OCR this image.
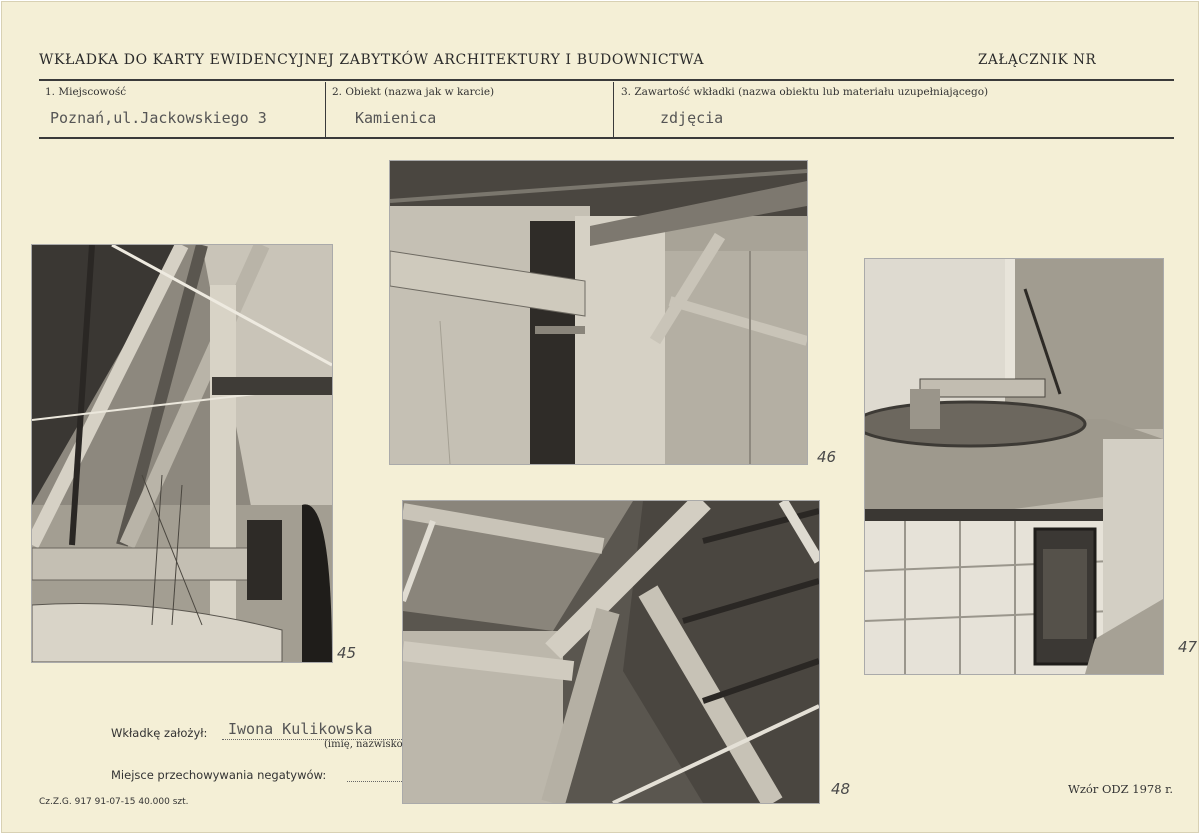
WKŁADKA DO KARTY EWIDENCYJNEJ ZABYTKÓW ARCHITEKTURY I BUDOWNICTWA	ZAŁĄCZNIK NR
1. Miejscowość
Poznań,ul.Jackowskiego 3
2. Obiekt (nazwa jak w karcie)
Kamienica
3. Zawartość wkładki (nazwa obiektu lub materiału uzupełniającego)
zdjęcia
45
46
47
48
Wkładkę założył: Iwona Kulikowska
(imię, nazwisko
Miejsce przechowywania negatywów:
Cz.Z.G. 917 91-07-15 40.000 szt.
Wzór ODZ 1978 r.
